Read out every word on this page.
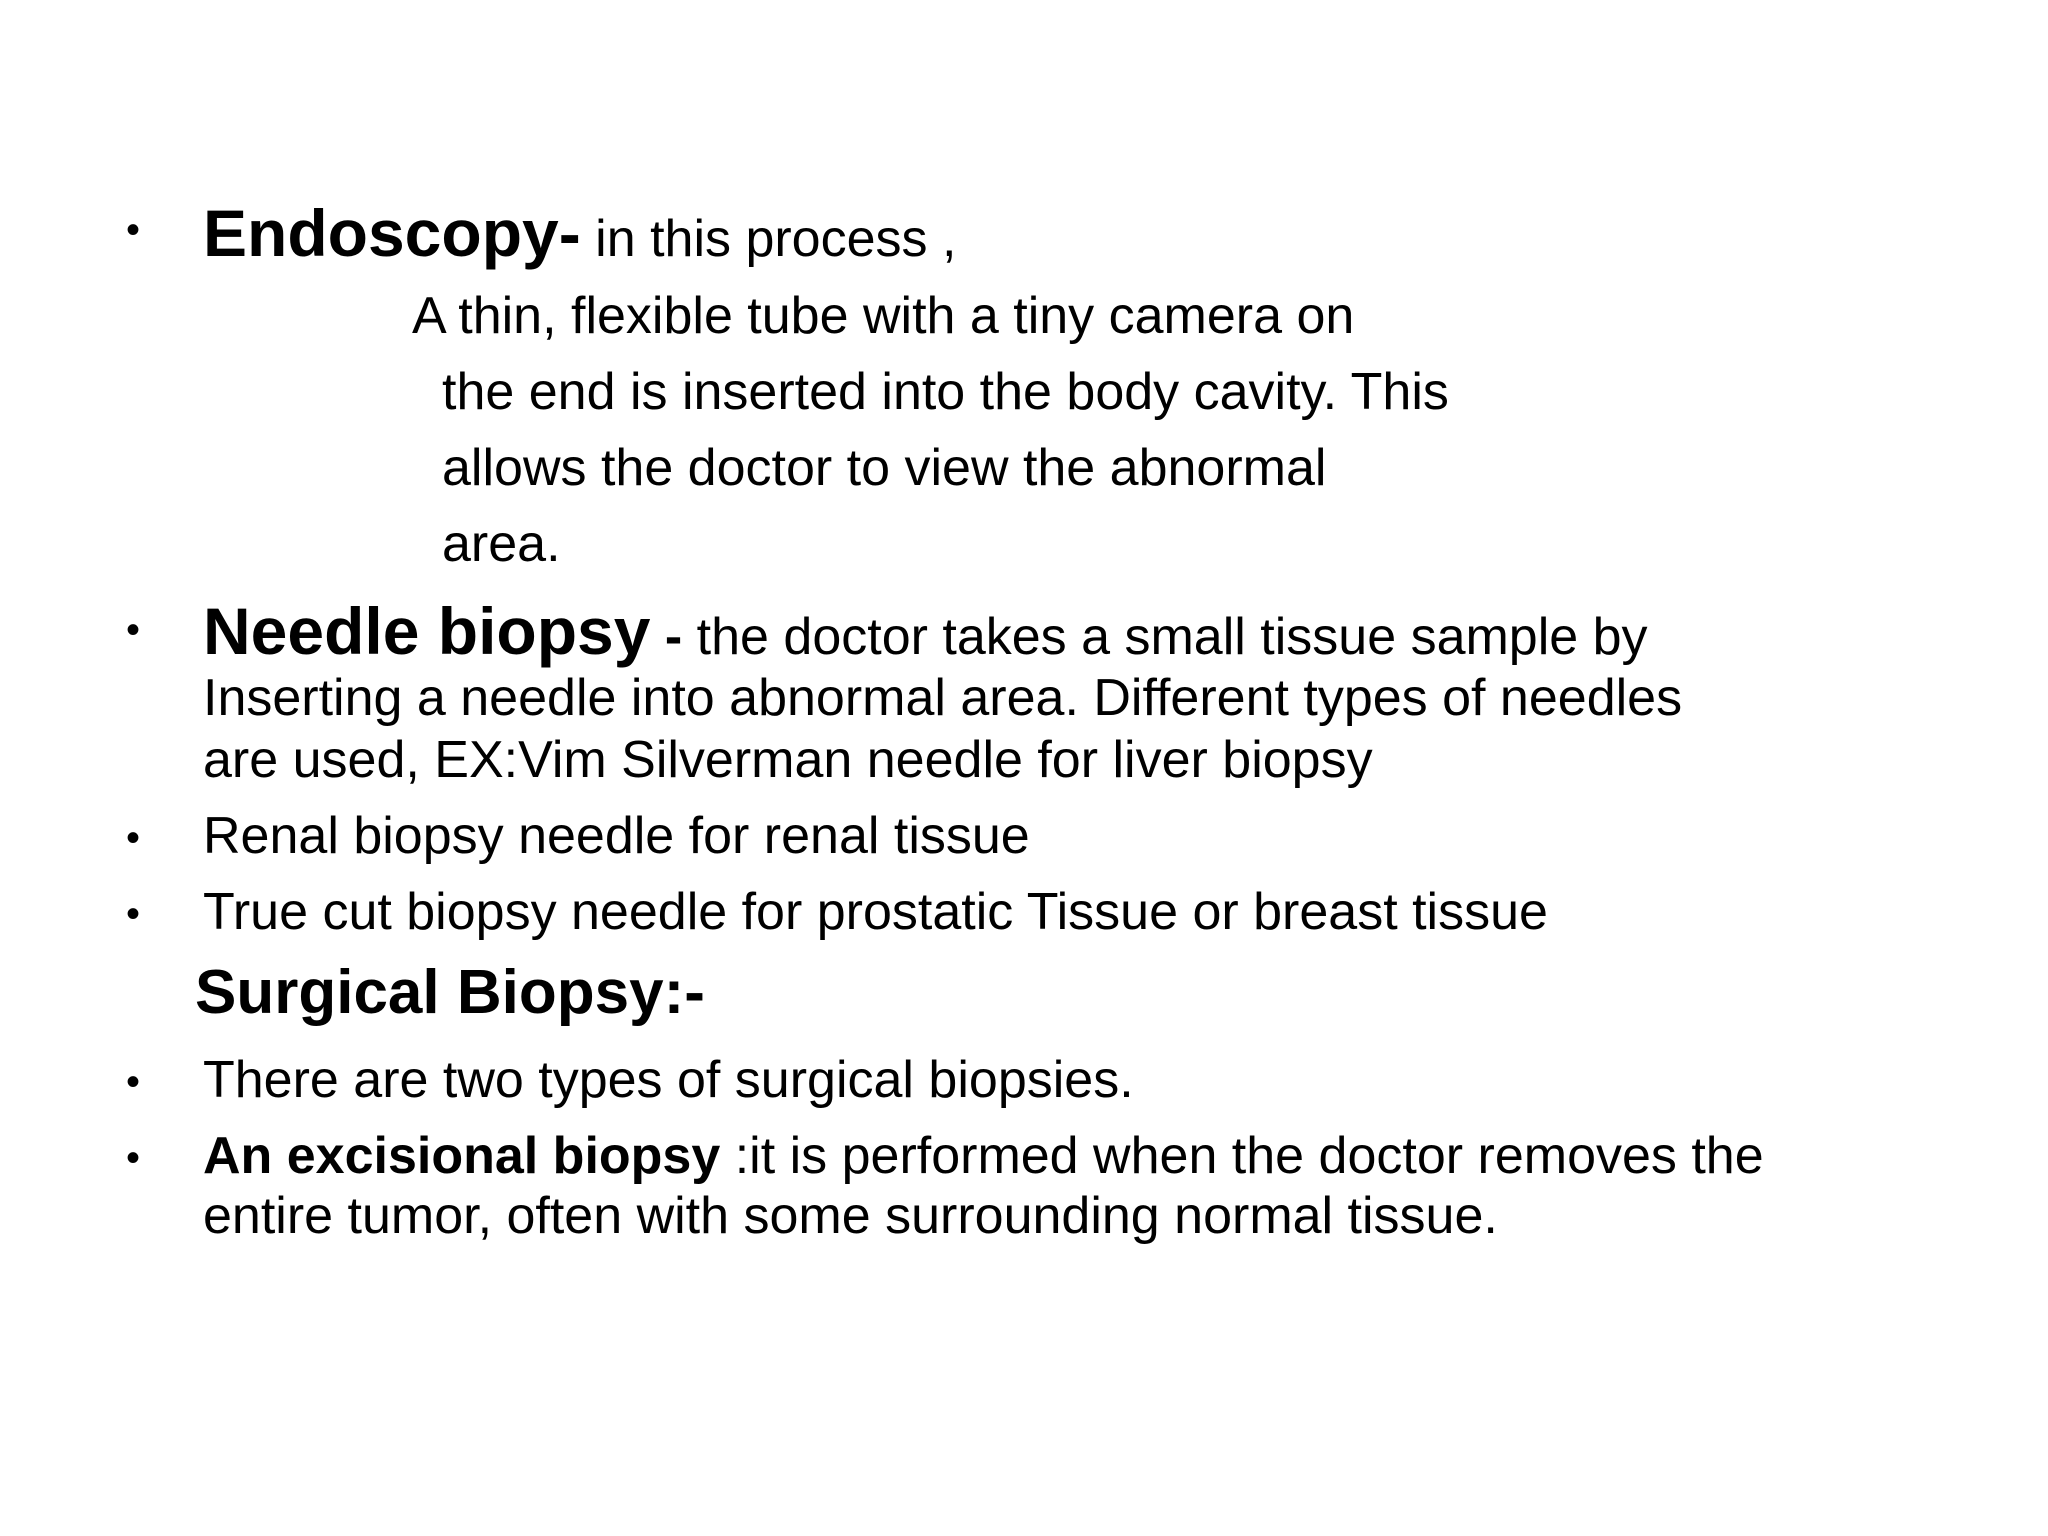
• Endoscopy- in this process ,
A thin, flexible tube with a tiny camera on
the end is inserted into the body cavity. This
allows the doctor to view the abnormal
area.
• Needle biopsy - the doctor takes a small tissue sample by
Inserting a needle into abnormal area. Different types of needles
are used, EX:Vim Silverman needle for liver biopsy
• Renal biopsy needle for renal tissue
• True cut biopsy needle for prostatic Tissue or breast tissue
Surgical Biopsy:-
• There are two types of surgical biopsies.
• An excisional biopsy :it is performed when the doctor removes the
entire tumor, often with some surrounding normal tissue.
